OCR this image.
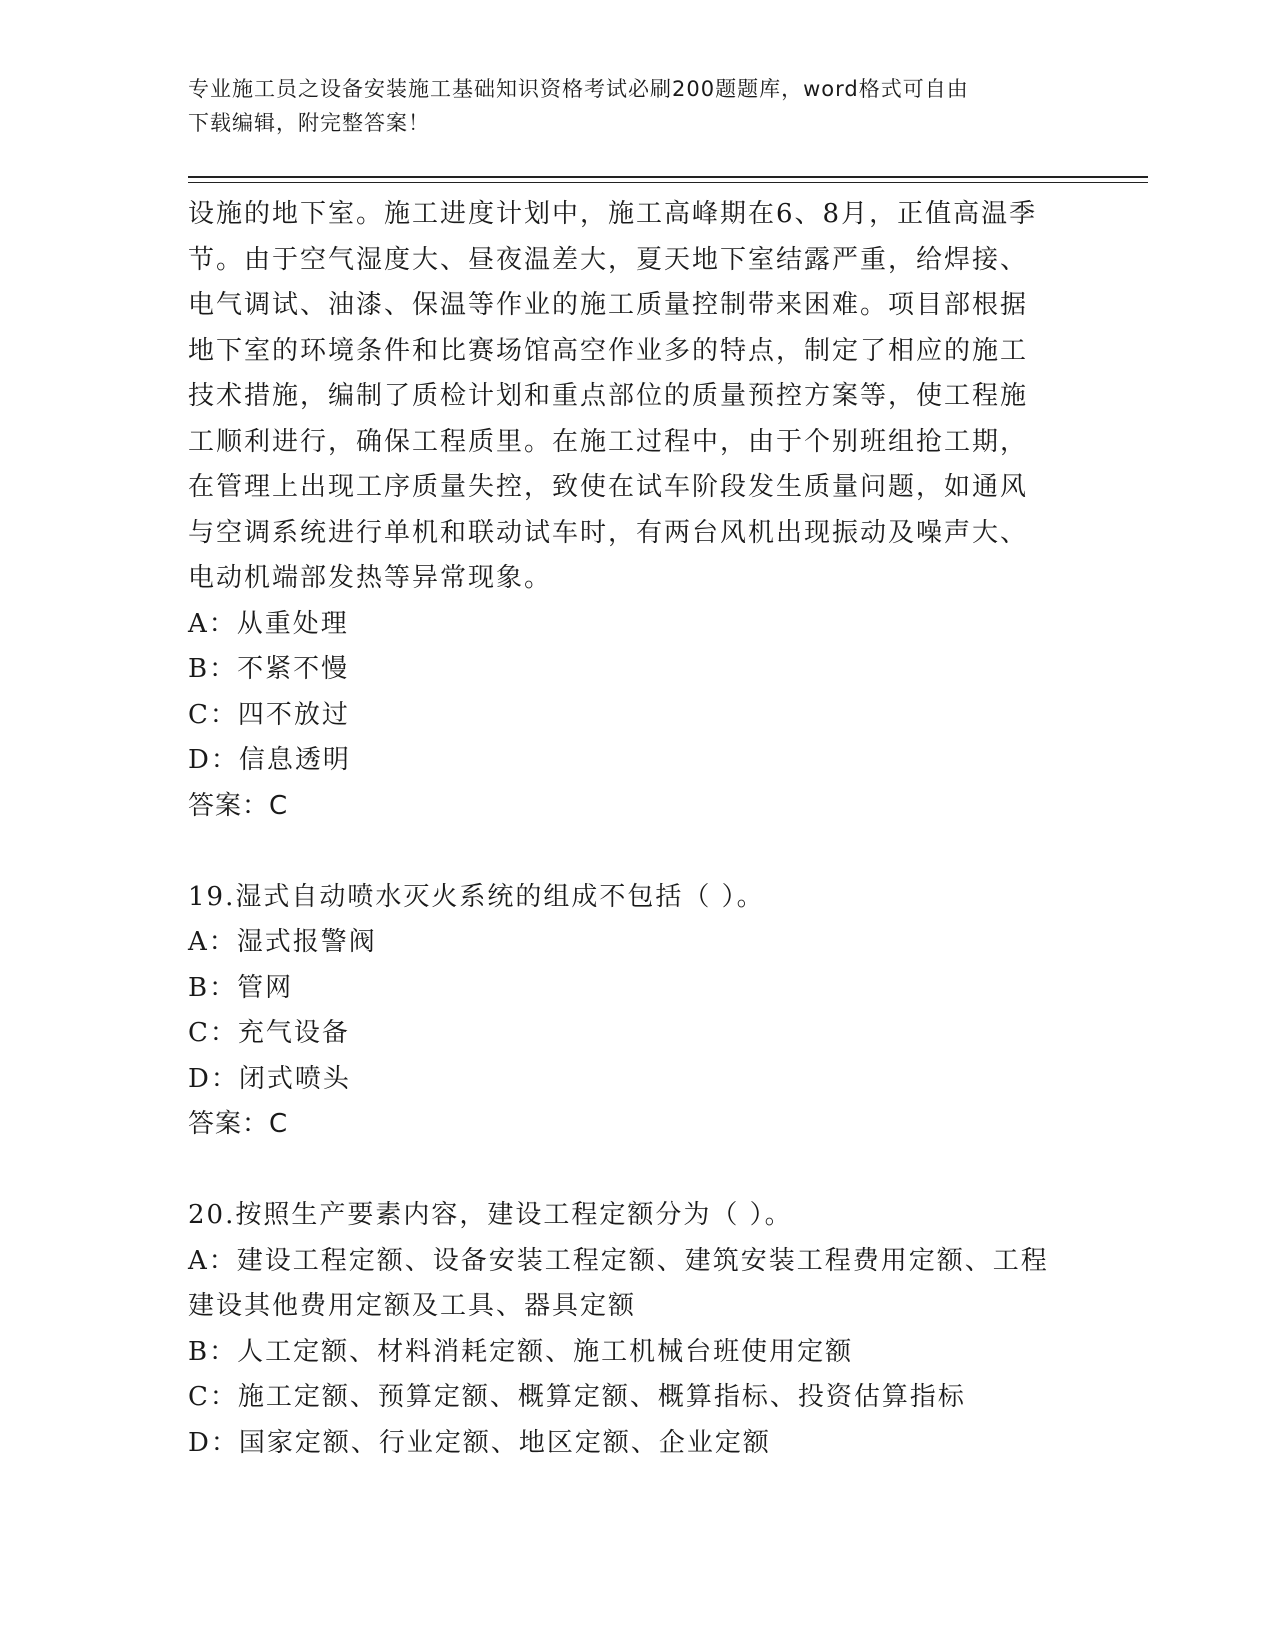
专业施工员之设备安装施工基础知识资格考试必刷200题题库，word格式可自由
下载编辑，附完整答案！
设施的地下室。施工进度计划中，施工高峰期在6、8月，正值高温季
节。由于空气湿度大、昼夜温差大，夏天地下室结露严重，给焊接、
电气调试、油漆、保温等作业的施工质量控制带来困难。项目部根据
地下室的环境条件和比赛场馆高空作业多的特点，制定了相应的施工
技术措施，编制了质检计划和重点部位的质量预控方案等，使工程施
工顺利进行，确保工程质里。在施工过程中，由于个别班组抢工期，
在管理上出现工序质量失控，致使在试车阶段发生质量问题，如通风
与空调系统进行单机和联动试车时，有两台风机出现振动及噪声大、
电动机端部发热等异常现象。
A：从重处理
B：不紧不慢
C：四不放过
D：信息透明
答案：C
19.湿式自动喷水灭火系统的组成不包括（ ）。
A：湿式报警阀
B：管网
C：充气设备
D：闭式喷头
答案：C
20.按照生产要素内容，建设工程定额分为（ ）。
A：建设工程定额、设备安装工程定额、建筑安装工程费用定额、工程
建设其他费用定额及工具、器具定额
B：人工定额、材料消耗定额、施工机械台班使用定额
C：施工定额、预算定额、概算定额、概算指标、投资估算指标
D：国家定额、行业定额、地区定额、企业定额
